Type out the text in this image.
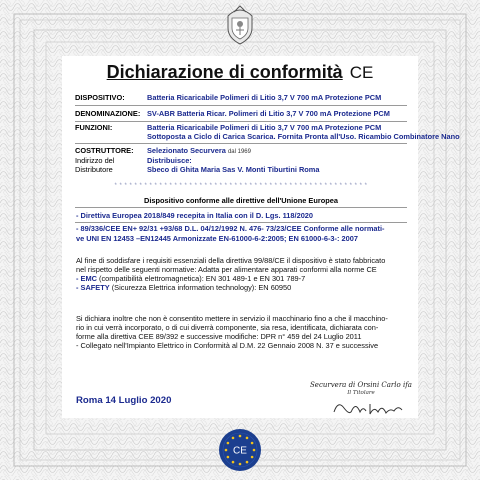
Dichiarazione di conformità CE
DISPOSITIVO:	Batteria Ricaricabile Polimeri di Litio 3,7 V 700 mA Protezione PCM
DENOMINAZIONE: SV-ABR Batteria Ricar. Polimeri di Litio 3,7 V 700 mA Protezione PCM
FUNZIONI:	Batteria Ricaricabile Polimeri di Litio 3,7 V 700 mA Protezione PCM
Sottoposta a Ciclo di Carica Scarica. Fornita Pronta all'Uso. Ricambio Combinatore Nano
COSTRUTTORE:	Selezionato Securvera dal 1969
Indirizzo del
Distributore
Distribuisce:
Sbeco di Ghita Maria Sas V. Monti Tiburtini Roma
* * * * * * * * * * * * * * * * * * * * * * * * * * * * * * * * * * * * * * * * * * * * * * * * * * *
Dispositivo conforme alle direttive dell'Unione Europea
- Direttiva Europea 2018/849 recepita in Italia con il D. Lgs. 118/2020
- 89/336/CEE EN+ 92/31 +93/68 D.L. 04/12/1992 N. 476- 73/23/CEE Conforme alle normati-
ve UNI EN 12453 –EN12445 Armonizzate EN-61000-6-2:2005; EN 61000-6-3-: 2007
Al fine di soddisfare i requisiti essenziali della direttiva 99/88/CE il dispositivo è stato fabbricato
nel rispetto delle seguenti normative: Adatta per alimentare apparati conformi alla norme CE
- EMC (compatibilità elettromagnetica): EN 301 489-1 e EN 301 789-7
- SAFETY (Sicurezza Elettrica information technology): EN 60950
Si dichiara inoltre che non è consentito mettere in servizio il macchinario fino a che il macchino-
rio in cui verrà incorporato, o di cui diverrà componente, sia resa, identificata, dichiarata con-
forme alla direttiva CEE 89/392 e successive modifiche: DPR n° 459 del 24 Luglio 2011
- Collegato nell'Impianto Elettrico in Conformità al D.M. 22 Gennaio 2008 N. 37 e successive
Roma 14 Luglio 2020
Securvera di Orsini Carlo ifa
Il Titolare
CE
